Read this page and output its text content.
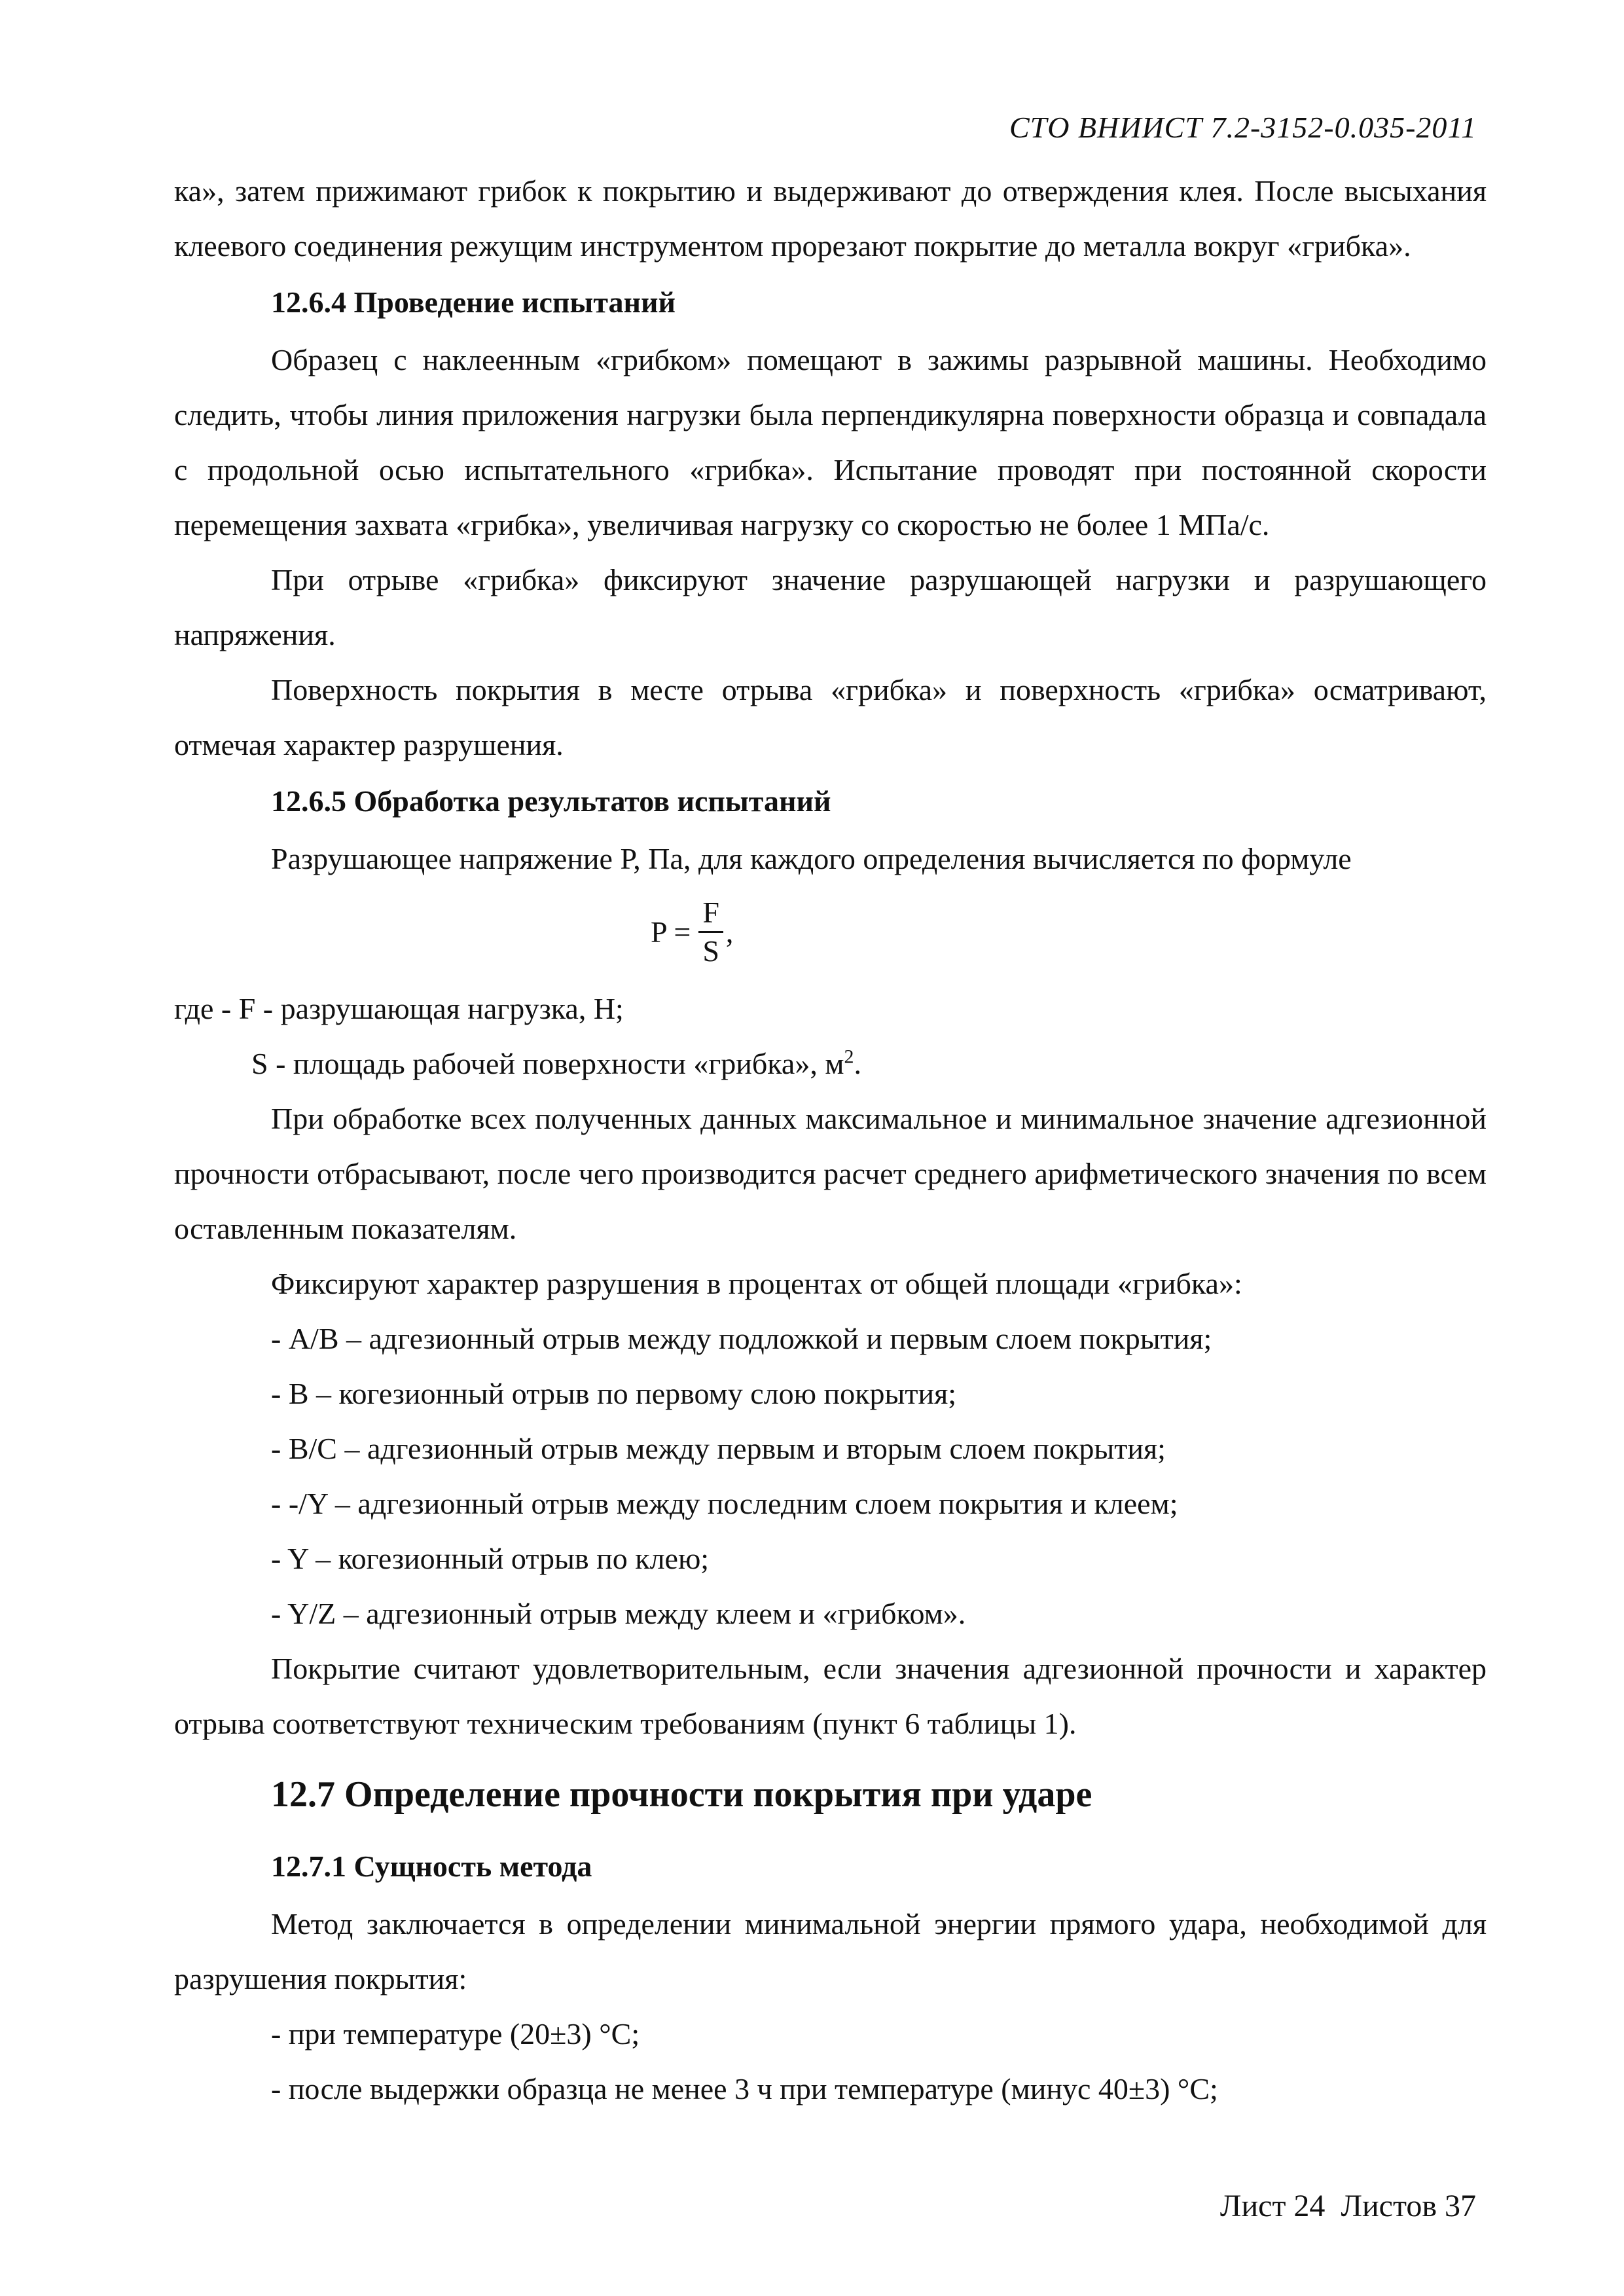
СТО ВНИИСТ 7.2-3152-0.035-2011

ка», затем прижимают грибок к покрытию и выдерживают до отверждения клея. После высыхания клеевого соединения режущим инструментом прорезают покрытие до металла вокруг «грибка».

12.6.4 Проведение испытаний

Образец с наклеенным «грибком» помещают в зажимы разрывной машины. Необходимо следить, чтобы линия приложения нагрузки была перпендикулярна поверхности образца и совпадала с продольной осью испытательного «грибка». Испытание проводят при постоянной скорости перемещения захвата «грибка», увеличивая нагрузку со скоростью не более 1 МПа/с.

При отрыве «грибка» фиксируют значение разрушающей нагрузки и разрушающего напряжения.

Поверхность покрытия в месте отрыва «грибка» и поверхность «грибка» осматривают, отмечая характер разрушения.

12.6.5 Обработка результатов испытаний

Разрушающее напряжение Р, Па, для каждого определения вычисляется по формуле

$P = \frac{F}{S}$ ,
где - F - разрушающая нагрузка, Н;
S - площадь рабочей поверхности «грибка», $м^2$.

При обработке всех полученных данных максимальное и минимальное значение адгезионной прочности отбрасывают, после чего производится расчет среднего арифметического значения по всем оставленным показателям.

Фиксируют характер разрушения в процентах от общей площади «грибка»:

- А/В – адгезионный отрыв между подложкой и первым слоем покрытия;
- В – когезионный отрыв по первому слою покрытия;
- В/С – адгезионный отрыв между первым и вторым слоем покрытия;
- -/Y – адгезионный отрыв между последним слоем покрытия и клеем;
- Y – когезионный отрыв по клею;
- Y/Z – адгезионный отрыв между клеем и «грибком».

Покрытие считают удовлетворительным, если значения адгезионной прочности и характер отрыва соответствуют техническим требованиям (пункт 6 таблицы 1).

12.7 Определение прочности покрытия при ударе
12.7.1 Сущность метода

Метод заключается в определении минимальной энергии прямого удара, необходимой для разрушения покрытия:

- при температуре (20±3) °С;
- после выдержки образца не менее 3 ч при температуре (минус 40±3) °С;
Лист 24 Листов 37
